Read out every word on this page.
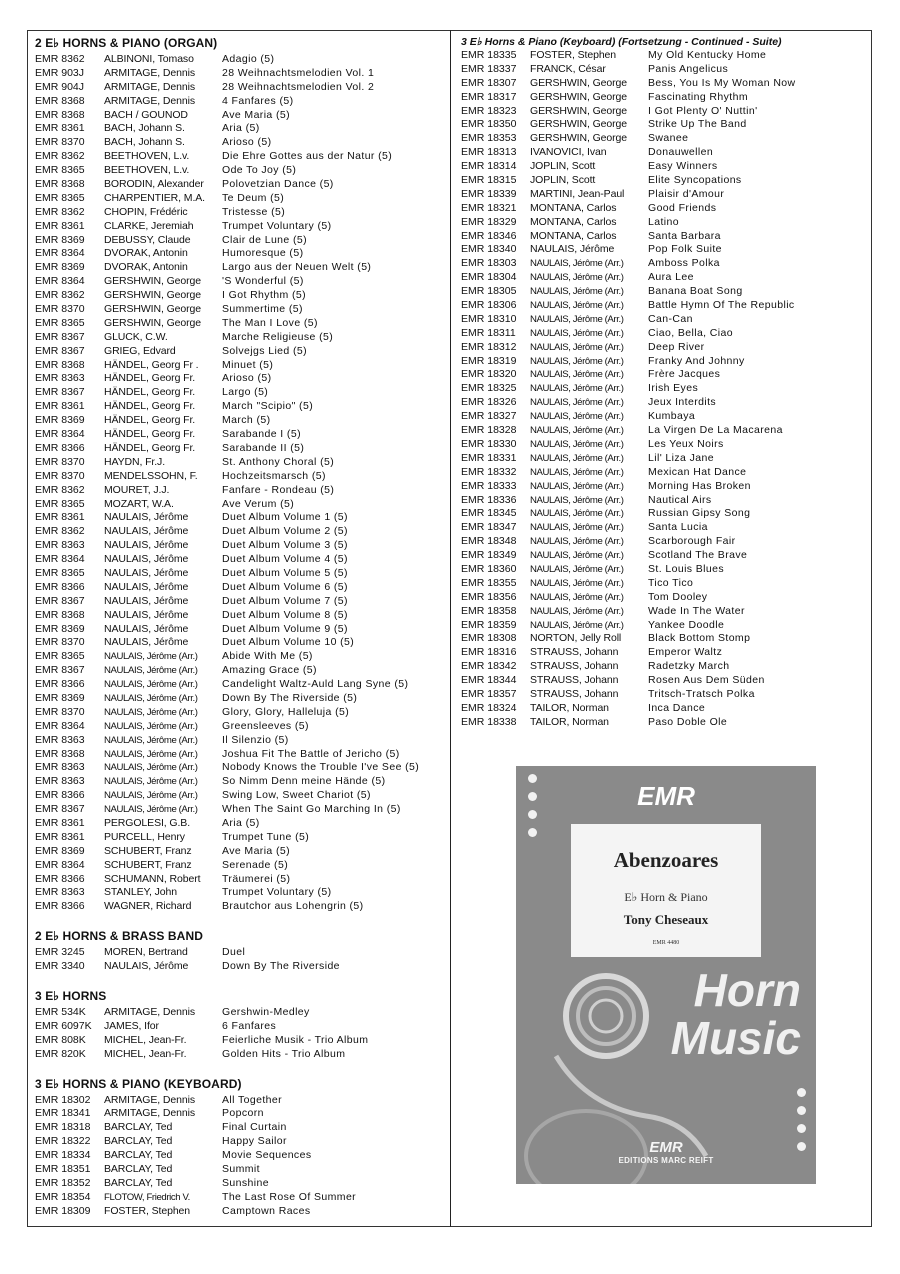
2 E♭ HORNS & PIANO (ORGAN)
EMR 8362	ALBINONI, Tomaso	Adagio (5)
EMR 903J	ARMITAGE, Dennis	28 Weihnachtsmelodien Vol. 1
EMR 904J	ARMITAGE, Dennis	28 Weihnachtsmelodien Vol. 2
EMR 8368	ARMITAGE, Dennis	4 Fanfares (5)
EMR 8368	BACH / GOUNOD	Ave Maria (5)
EMR 8361	BACH, Johann S.	Aria (5)
EMR 8370	BACH, Johann S.	Arioso (5)
EMR 8362	BEETHOVEN, L.v.	Die Ehre Gottes aus der Natur (5)
EMR 8365	BEETHOVEN, L.v.	Ode To Joy (5)
EMR 8368	BORODIN, Alexander	Polovetzian Dance (5)
EMR 8365	CHARPENTIER, M.A.	Te Deum (5)
EMR 8362	CHOPIN, Frédéric	Tristesse (5)
EMR 8361	CLARKE, Jeremiah	Trumpet Voluntary (5)
EMR 8369	DEBUSSY, Claude	Clair de Lune (5)
EMR 8364	DVORAK, Antonin	Humoresque (5)
EMR 8369	DVORAK, Antonin	Largo aus der Neuen Welt (5)
EMR 8364	GERSHWIN, George	'S Wonderful (5)
EMR 8362	GERSHWIN, George	I Got Rhythm (5)
EMR 8370	GERSHWIN, George	Summertime (5)
EMR 8365	GERSHWIN, George	The Man I Love (5)
EMR 8367	GLUCK, C.W.	Marche Religieuse (5)
EMR 8367	GRIEG, Edvard	Solvejgs Lied (5)
EMR 8368	HÄNDEL, Georg Fr .	Minuet (5)
EMR 8363	HÄNDEL, Georg Fr.	Arioso (5)
EMR 8367	HÄNDEL, Georg Fr.	Largo (5)
EMR 8361	HÄNDEL, Georg Fr.	March "Scipio" (5)
EMR 8369	HÄNDEL, Georg Fr.	March (5)
EMR 8364	HÄNDEL, Georg Fr.	Sarabande I (5)
EMR 8366	HÄNDEL, Georg Fr.	Sarabande II (5)
EMR 8370	HAYDN, Fr.J.	St. Anthony Choral (5)
EMR 8370	MENDELSSOHN, F.	Hochzeitsmarsch (5)
EMR 8362	MOURET, J.J.	Fanfare - Rondeau (5)
EMR 8365	MOZART, W.A.	Ave Verum (5)
EMR 8361	NAULAIS, Jérôme	Duet Album Volume 1 (5)
EMR 8362	NAULAIS, Jérôme	Duet Album Volume 2 (5)
EMR 8363	NAULAIS, Jérôme	Duet Album Volume 3 (5)
EMR 8364	NAULAIS, Jérôme	Duet Album Volume 4 (5)
EMR 8365	NAULAIS, Jérôme	Duet Album Volume 5 (5)
EMR 8366	NAULAIS, Jérôme	Duet Album Volume 6 (5)
EMR 8367	NAULAIS, Jérôme	Duet Album Volume 7 (5)
EMR 8368	NAULAIS, Jérôme	Duet Album Volume 8 (5)
EMR 8369	NAULAIS, Jérôme	Duet Album Volume 9 (5)
EMR 8370	NAULAIS, Jérôme	Duet Album Volume 10 (5)
EMR 8365	NAULAIS, Jérôme (Arr.)	Abide With Me (5)
EMR 8367	NAULAIS, Jérôme (Arr.)	Amazing Grace (5)
EMR 8366	NAULAIS, Jérôme (Arr.)	Candelight Waltz-Auld Lang Syne (5)
EMR 8369	NAULAIS, Jérôme (Arr.)	Down By The Riverside (5)
EMR 8370	NAULAIS, Jérôme (Arr.)	Glory, Glory, Halleluja (5)
EMR 8364	NAULAIS, Jérôme (Arr.)	Greensleeves (5)
EMR 8363	NAULAIS, Jérôme (Arr.)	Il Silenzio (5)
EMR 8368	NAULAIS, Jérôme (Arr.)	Joshua Fit The Battle of Jericho (5)
EMR 8363	NAULAIS, Jérôme (Arr.)	Nobody Knows the Trouble I've See (5)
EMR 8363	NAULAIS, Jérôme (Arr.)	So Nimm Denn meine Hände (5)
EMR 8366	NAULAIS, Jérôme (Arr.)	Swing Low, Sweet Chariot (5)
EMR 8367	NAULAIS, Jérôme (Arr.)	When The Saint Go Marching In (5)
EMR 8361	PERGOLESI, G.B.	Aria (5)
EMR 8361	PURCELL, Henry	Trumpet Tune (5)
EMR 8369	SCHUBERT, Franz	Ave Maria (5)
EMR 8364	SCHUBERT, Franz	Serenade (5)
EMR 8366	SCHUMANN, Robert	Träumerei (5)
EMR 8363	STANLEY, John	Trumpet Voluntary (5)
EMR 8366	WAGNER, Richard	Brautchor aus Lohengrin (5)
2 E♭ HORNS & BRASS BAND
EMR 3245	MOREN, Bertrand	Duel
EMR 3340	NAULAIS, Jérôme	Down By The Riverside
3 E♭ HORNS
EMR 534K	ARMITAGE, Dennis	Gershwin-Medley
EMR 6097K	JAMES, Ifor	6 Fanfares
EMR 808K	MICHEL, Jean-Fr.	Feierliche Musik - Trio Album
EMR 820K	MICHEL, Jean-Fr.	Golden Hits - Trio Album
3 E♭ HORNS & PIANO (KEYBOARD)
EMR 18302	ARMITAGE, Dennis	All Together
EMR 18341	ARMITAGE, Dennis	Popcorn
EMR 18318	BARCLAY, Ted	Final Curtain
EMR 18322	BARCLAY, Ted	Happy Sailor
EMR 18334	BARCLAY, Ted	Movie Sequences
EMR 18351	BARCLAY, Ted	Summit
EMR 18352	BARCLAY, Ted	Sunshine
EMR 18354	FLOTOW, Friedrich V.	The Last Rose Of Summer
EMR 18309	FOSTER, Stephen	Camptown Races
3 E♭ Horns & Piano (Keyboard) (Fortsetzung - Continued - Suite)
EMR 18335	FOSTER, Stephen	My Old Kentucky Home
EMR 18337	FRANCK, César	Panis Angelicus
EMR 18307	GERSHWIN, George	Bess, You Is My Woman Now
EMR 18317	GERSHWIN, George	Fascinating Rhythm
EMR 18323	GERSHWIN, George	I Got Plenty O' Nuttin'
EMR 18350	GERSHWIN, George	Strike Up The Band
EMR 18353	GERSHWIN, George	Swanee
EMR 18313	IVANOVICI, Ivan	Donauwellen
EMR 18314	JOPLIN, Scott	Easy Winners
EMR 18315	JOPLIN, Scott	Elite Syncopations
EMR 18339	MARTINI, Jean-Paul	Plaisir d'Amour
EMR 18321	MONTANA, Carlos	Good Friends
EMR 18329	MONTANA, Carlos	Latino
EMR 18346	MONTANA, Carlos	Santa Barbara
EMR 18340	NAULAIS, Jérôme	Pop Folk Suite
EMR 18303	NAULAIS, Jérôme (Arr.)	Amboss Polka
EMR 18304	NAULAIS, Jérôme (Arr.)	Aura Lee
EMR 18305	NAULAIS, Jérôme (Arr.)	Banana Boat Song
EMR 18306	NAULAIS, Jérôme (Arr.)	Battle Hymn Of The Republic
EMR 18310	NAULAIS, Jérôme (Arr.)	Can-Can
EMR 18311	NAULAIS, Jérôme (Arr.)	Ciao, Bella, Ciao
EMR 18312	NAULAIS, Jérôme (Arr.)	Deep River
EMR 18319	NAULAIS, Jérôme (Arr.)	Franky And Johnny
EMR 18320	NAULAIS, Jérôme (Arr.)	Frère Jacques
EMR 18325	NAULAIS, Jérôme (Arr.)	Irish Eyes
EMR 18326	NAULAIS, Jérôme (Arr.)	Jeux Interdits
EMR 18327	NAULAIS, Jérôme (Arr.)	Kumbaya
EMR 18328	NAULAIS, Jérôme (Arr.)	La Virgen De La Macarena
EMR 18330	NAULAIS, Jérôme (Arr.)	Les Yeux Noirs
EMR 18331	NAULAIS, Jérôme (Arr.)	Lil' Liza Jane
EMR 18332	NAULAIS, Jérôme (Arr.)	Mexican Hat Dance
EMR 18333	NAULAIS, Jérôme (Arr.)	Morning Has Broken
EMR 18336	NAULAIS, Jérôme (Arr.)	Nautical Airs
EMR 18345	NAULAIS, Jérôme (Arr.)	Russian Gipsy Song
EMR 18347	NAULAIS, Jérôme (Arr.)	Santa Lucia
EMR 18348	NAULAIS, Jérôme (Arr.)	Scarborough Fair
EMR 18349	NAULAIS, Jérôme (Arr.)	Scotland The Brave
EMR 18360	NAULAIS, Jérôme (Arr.)	St. Louis Blues
EMR 18355	NAULAIS, Jérôme (Arr.)	Tico Tico
EMR 18356	NAULAIS, Jérôme (Arr.)	Tom Dooley
EMR 18358	NAULAIS, Jérôme (Arr.)	Wade In The Water
EMR 18359	NAULAIS, Jérôme (Arr.)	Yankee Doodle
EMR 18308	NORTON, Jelly Roll	Black Bottom Stomp
EMR 18316	STRAUSS, Johann	Emperor Waltz
EMR 18342	STRAUSS, Johann	Radetzky March
EMR 18344	STRAUSS, Johann	Rosen Aus Dem Süden
EMR 18357	STRAUSS, Johann	Tritsch-Tratsch Polka
EMR 18324	TAILOR, Norman	Inca Dance
EMR 18338	TAILOR, Norman	Paso Doble Ole
EMR
Abenzoares
E♭ Horn & Piano
Tony Cheseaux
EMR 4480
Horn
Music
EMR
EDITIONS MARC REIFT
